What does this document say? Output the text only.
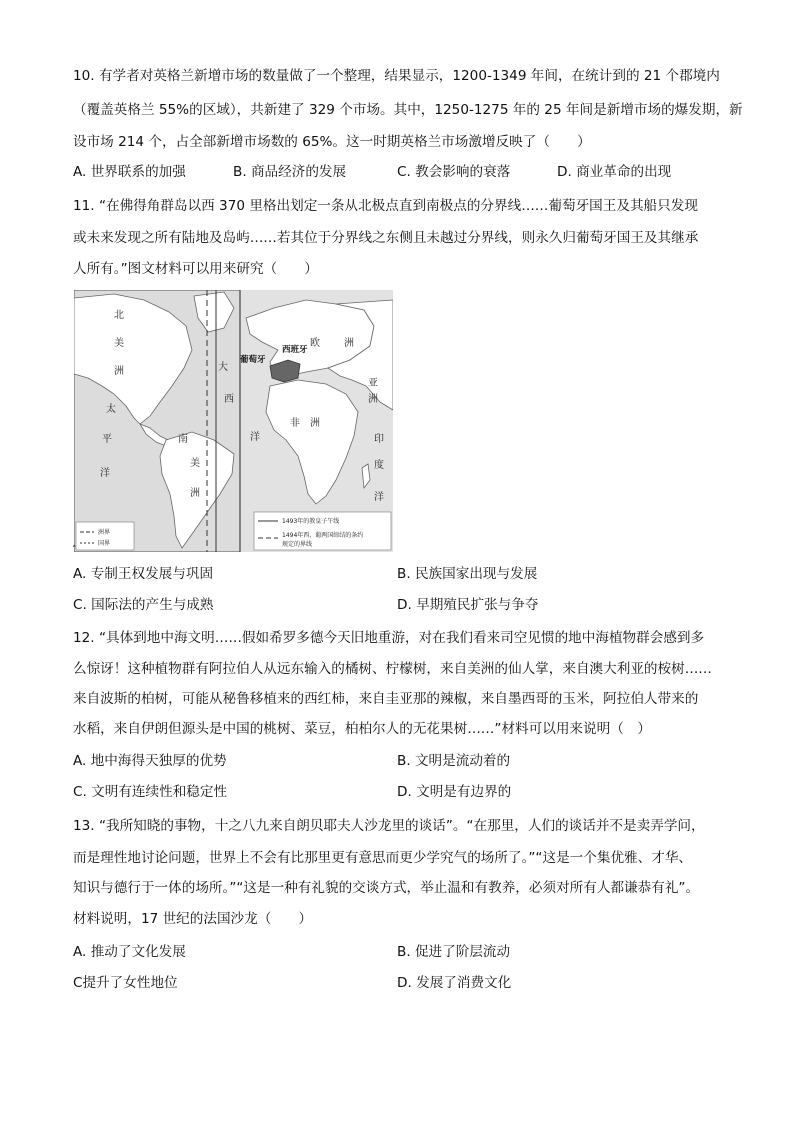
10. 有学者对英格兰新增市场的数量做了一个整理，结果显示，1200-1349 年间，在统计到的 21 个郡境内
（覆盖英格兰 55%的区域），共新建了 329 个市场。其中，1250-1275 年的 25 年间是新增市场的爆发期，新
设市场 214 个，占全部新增市场数的 65%。这一时期英格兰市场激增反映了（　　）
A. 世界联系的加强	B. 商品经济的发展	C. 教会影响的衰落	D. 商业革命的出现
11. “在佛得角群岛以西 370 里格出划定一条从北极点直到南极点的分界线……葡萄牙国王及其船只发现
或未来发现之所有陆地及岛屿……若其位于分界线之东侧且未越过分界线，则永久归葡萄牙国王及其继承
人所有。”图文材料可以用来研究（　　）
北
美
洲
太
平
洋
南
美
洲
大
西
洋
欧 洲
亚
洲
非 洲
印
度
洋
葡萄牙
西班牙
洲界
国界
1493年的教皇子午线
1494年西、葡两国缔结的条约
规定的界线
˄
A. 专制王权发展与巩固	B. 民族国家出现与发展
C. 国际法的产生与成熟	D. 早期殖民扩张与争夺
12. “具体到地中海文明……假如希罗多德今天旧地重游，对在我们看来司空见惯的地中海植物群会感到多
么惊讶！这种植物群有阿拉伯人从远东输入的橘树、柠檬树，来自美洲的仙人掌，来自澳大利亚的桉树……
来自波斯的柏树，可能从秘鲁移植来的西红柿，来自圭亚那的辣椒，来自墨西哥的玉米，阿拉伯人带来的
水稻，来自伊朗但源头是中国的桃树、菜豆，柏柏尔人的无花果树……”材料可以用来说明（　）
A. 地中海得天独厚的优势	B. 文明是流动着的
C. 文明有连续性和稳定性	D. 文明是有边界的
13. “我所知晓的事物，十之八九来自朗贝耶夫人沙龙里的谈话”。“在那里，人们的谈话并不是卖弄学问，
而是理性地讨论问题，世界上不会有比那里更有意思而更少学究气的场所了。”“这是一个集优雅、才华、
知识与德行于一体的场所。”“这是一种有礼貌的交谈方式，举止温和有教养，必须对所有人都谦恭有礼”。
材料说明，17 世纪的法国沙龙（　　）
A. 推动了文化发展	B. 促进了阶层流动
C提升了女性地位	D. 发展了消费文化
